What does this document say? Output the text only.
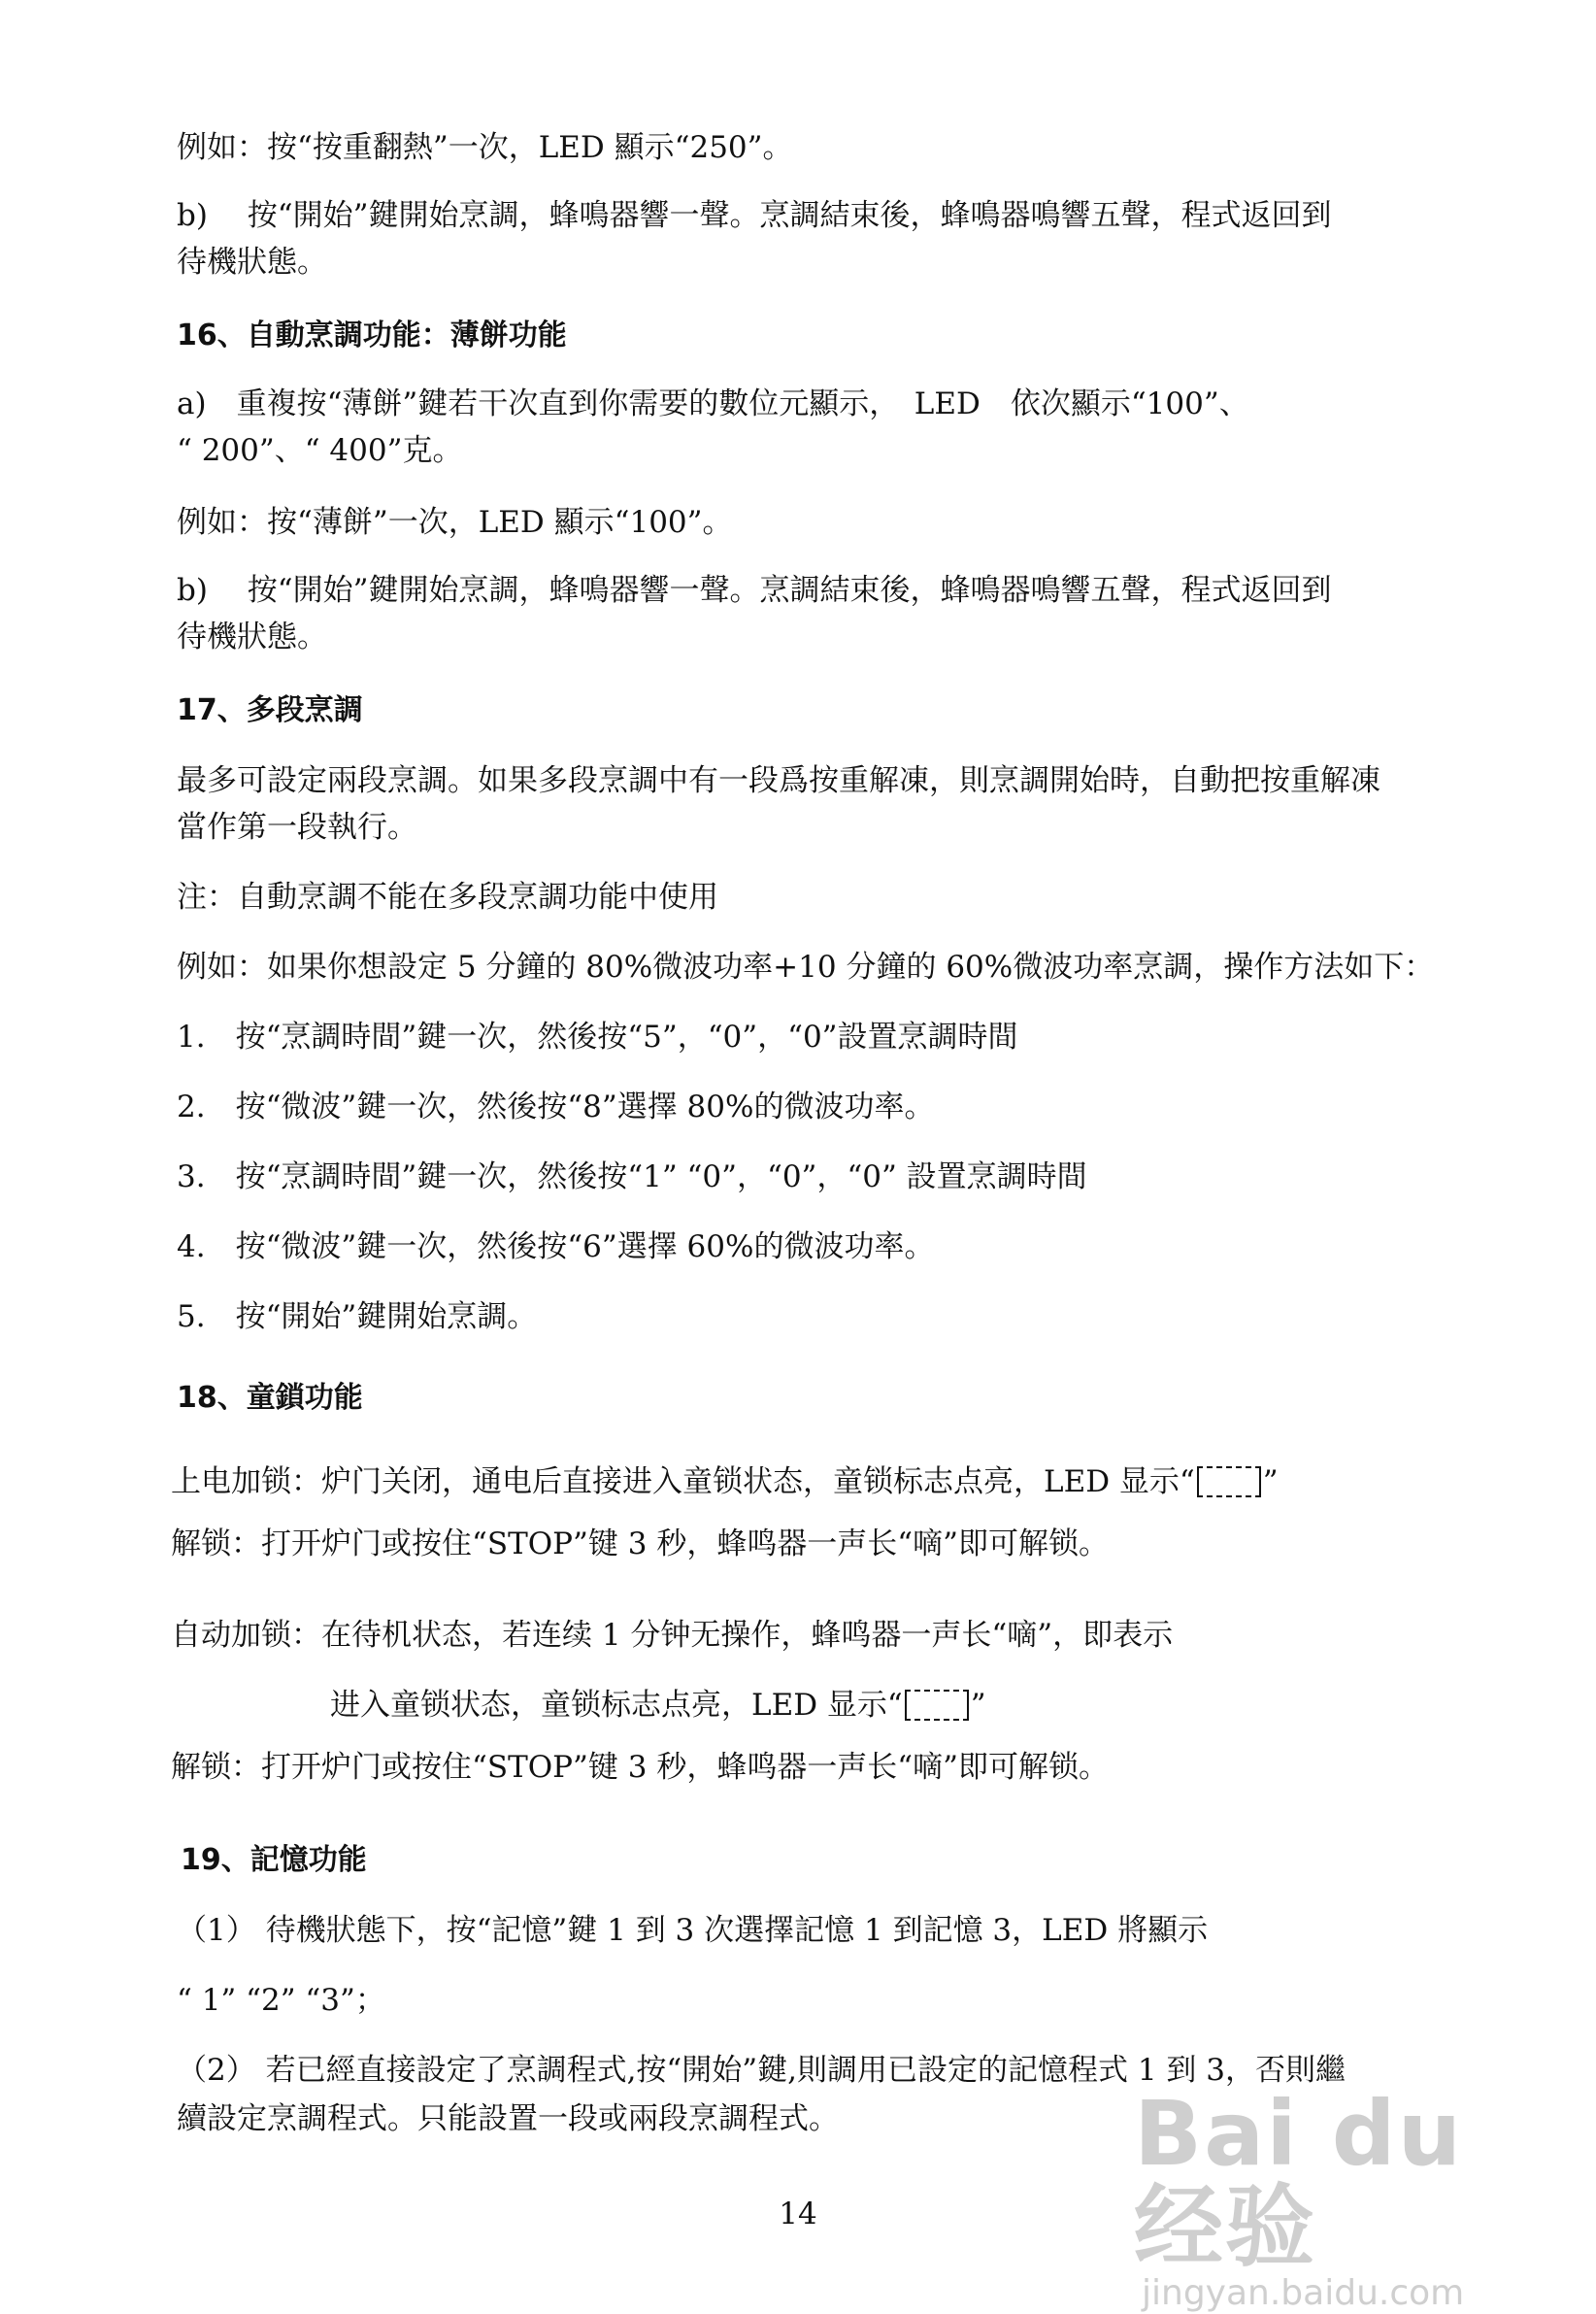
例如：按“按重翻熱”一次，LED 顯示“250”。
b)　 按“開始”鍵開始烹調，蜂鳴器響一聲。烹調結束後，蜂鳴器鳴響五聲，程式返回到
待機狀態。
16、自動烹調功能：薄餅功能
a)　重複按“薄餅”鍵若干次直到你需要的數位元顯示，　LED　依次顯示“100”、
“ 200”、“ 400”克。
例如：按“薄餅”一次，LED 顯示“100”。
b)　 按“開始”鍵開始烹調，蜂鳴器響一聲。烹調結束後，蜂鳴器鳴響五聲，程式返回到
待機狀態。
17、多段烹調
最多可設定兩段烹調。如果多段烹調中有一段爲按重解凍，則烹調開始時，自動把按重解凍
當作第一段執行。
注：自動烹調不能在多段烹調功能中使用
例如：如果你想設定 5 分鐘的 80%微波功率+10 分鐘的 60%微波功率烹調，操作方法如下：
1.　按“烹調時間”鍵一次，然後按“5”，“0”，“0”設置烹調時間
2.　按“微波”鍵一次，然後按“8”選擇 80%的微波功率。
3.　按“烹調時間”鍵一次，然後按“1” “0”，“0”，“0” 設置烹調時間
4.　按“微波”鍵一次，然後按“6”選擇 60%的微波功率。
5.　按“開始”鍵開始烹調。
18、童鎖功能
上电加锁：炉门关闭，通电后直接进入童锁状态，童锁标志点亮，LED 显示“ ”
解锁：打开炉门或按住“STOP”键 3 秒，蜂鸣器一声长“嘀”即可解锁。
自动加锁：在待机状态，若连续 1 分钟无操作，蜂鸣器一声长“嘀”，即表示
进入童锁状态，童锁标志点亮，LED 显示“ ”
解锁：打开炉门或按住“STOP”键 3 秒，蜂鸣器一声长“嘀”即可解锁。
19、記憶功能
（1） 待機狀態下，按“記憶”鍵 1 到 3 次選擇記憶 1 到記憶 3，LED 將顯示
“ 1” “2” “3”；
（2） 若已經直接設定了烹調程式,按“開始”鍵,則調用已設定的記憶程式 1 到 3，否則繼
續設定烹調程式。只能設置一段或兩段烹調程式。
14
Bai du 经验
jingyan.baidu.com
